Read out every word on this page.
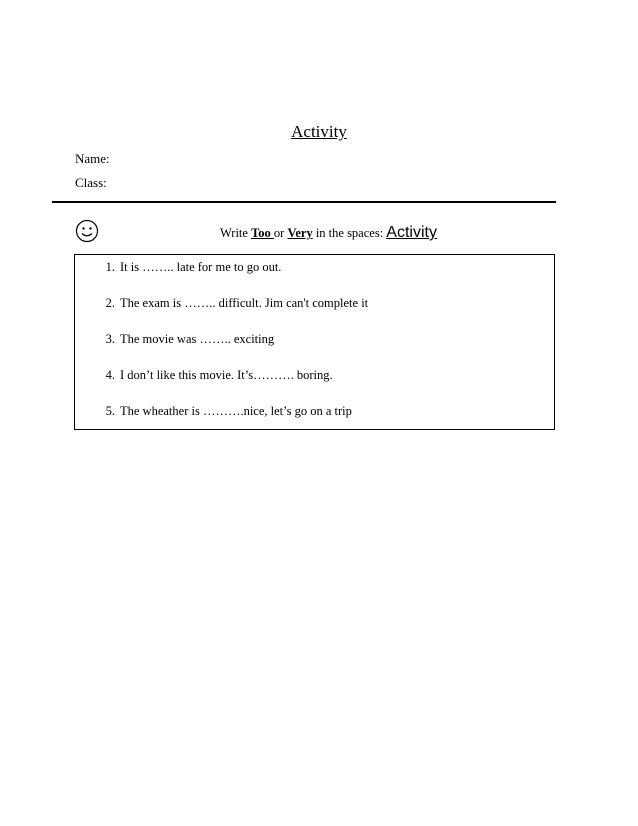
Activity
Name:
Class:
Write Too or Very in the spaces: Activity
1. It is …….. late for me to go out.
2. The exam is …….. difficult. Jim can't complete it
3. The movie was …….. exciting
4. I don’t like this movie. It’s………. boring.
5. The wheather is ……….nice, let’s go on a trip
